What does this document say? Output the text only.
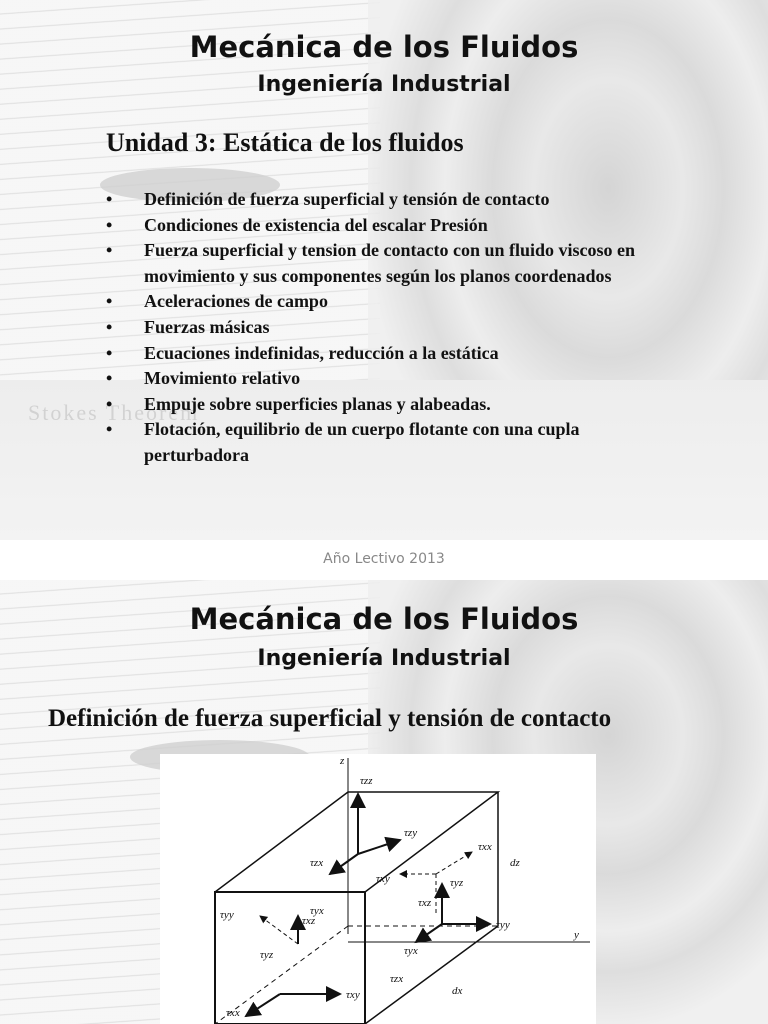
Stokes Theorem
Mecánica de los Fluidos
Ingeniería Industrial
Unidad 3: Estática de los fluidos
• Definición de fuerza superficial y tensión de contacto
• Condiciones de existencia del escalar Presión
• Fuerza superficial y tension de contacto con un fluido viscoso en movimiento y sus componentes según los planos coordenados
• Aceleraciones de campo
• Fuerzas másicas
• Ecuaciones indefinidas, reducción a la estática
• Movimiento relativo
• Empuje sobre superficies planas y alabeadas.
• Flotación, equilibrio de un cuerpo flotante con una cupla perturbadora
Año Lectivo 2013
Mecánica de los Fluidos
Ingeniería Industrial
Definición de fuerza superficial y tensión de contacto
τzz
τzy
τzx
τxx
τxy
τyy
τyz
τyx
τxz
τxy
τxx
τxz
τyy
τyz
τyx
τzx
z
y
dz
dx
